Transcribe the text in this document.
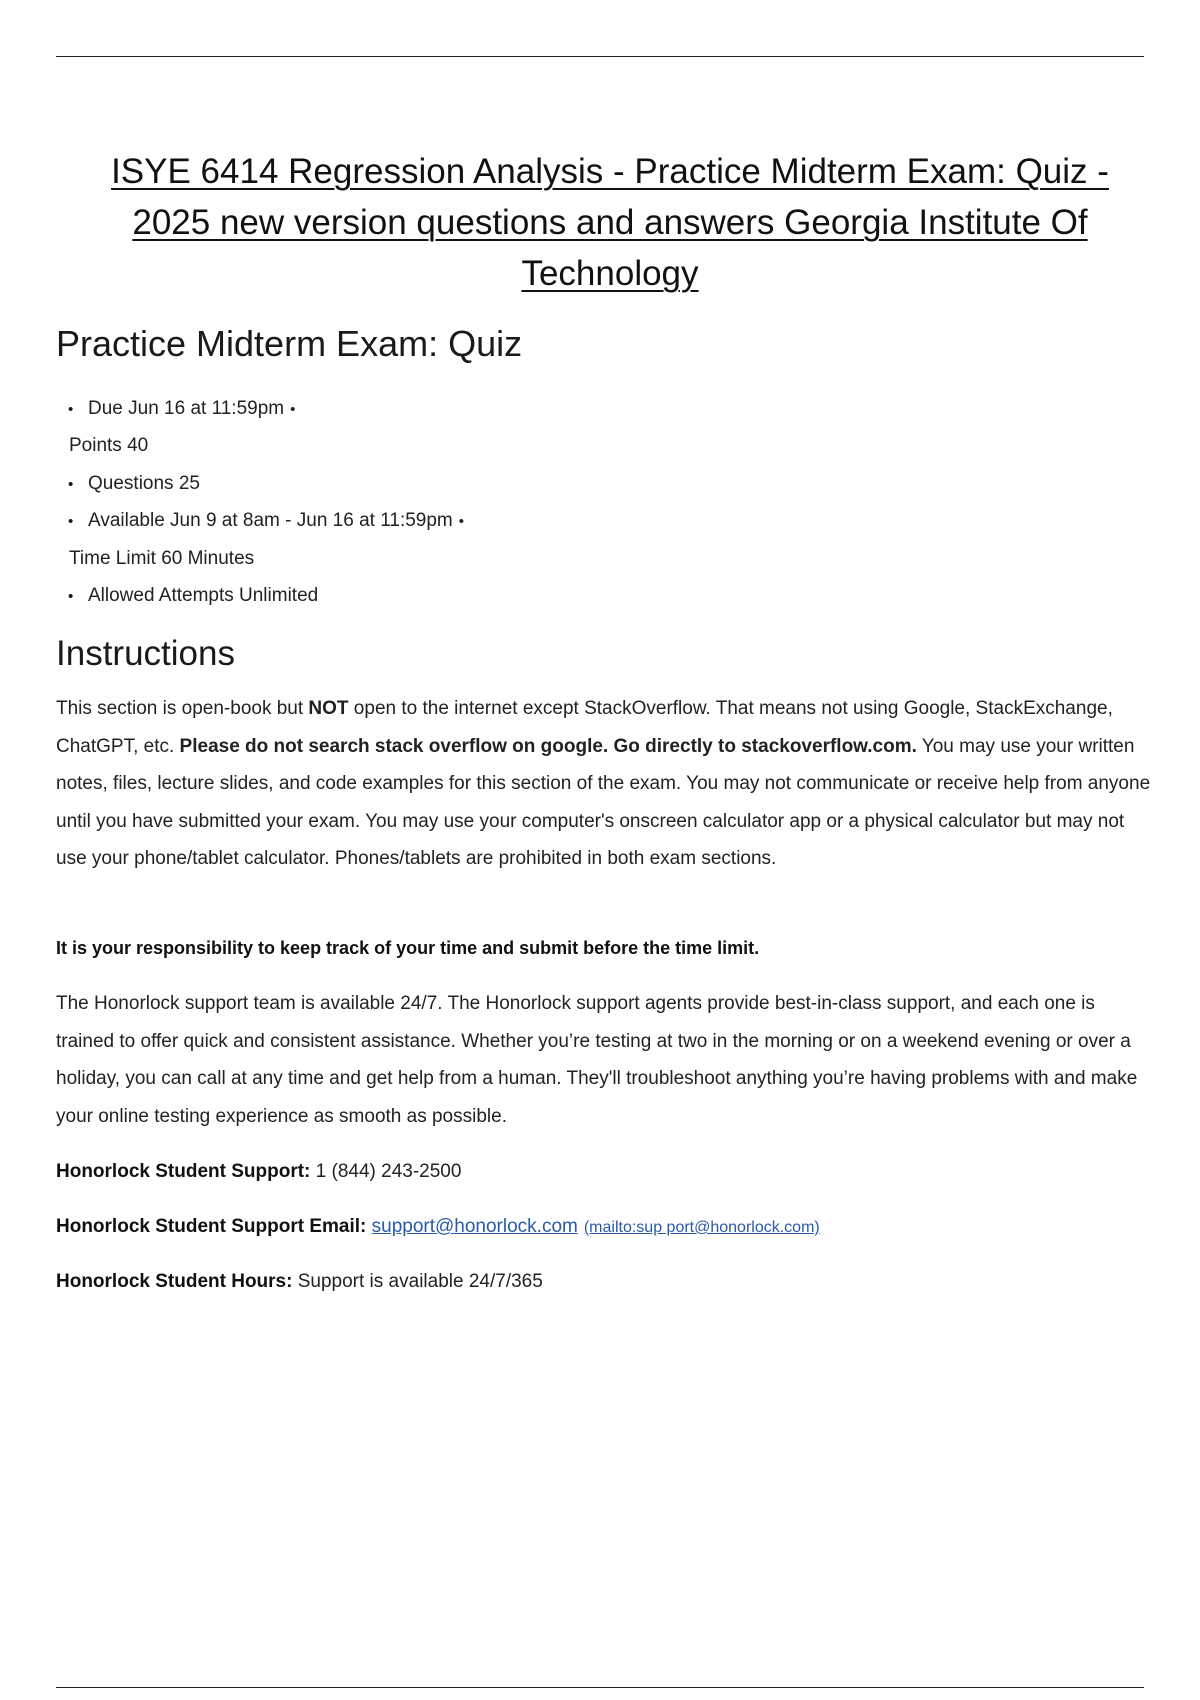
ISYE 6414 Regression Analysis - Practice Midterm Exam: Quiz -
2025 new version questions and answers Georgia Institute Of
Technology
Practice Midterm Exam: Quiz
• Due Jun 16 at 11:59pm •
Points 40
• Questions 25
• Available Jun 9 at 8am - Jun 16 at 11:59pm •
Time Limit 60 Minutes
• Allowed Attempts Unlimited
Instructions

This section is open-book but NOT open to the internet except StackOverflow. That means not using Google, StackExchange, ChatGPT, etc. Please do not search stack overflow on google. Go directly to stackoverflow.com. You may use your written notes, files, lecture slides, and code examples for this section of the exam. You may not communicate or receive help from anyone until you have submitted your exam. You may use your computer's onscreen calculator app or a physical calculator but may not use your phone/tablet calculator. Phones/tablets are prohibited in both exam sections.

It is your responsibility to keep track of your time and submit before the time limit.

The Honorlock support team is available 24/7. The Honorlock support agents provide best-in-class support, and each one is trained to offer quick and consistent assistance. Whether you’re testing at two in the morning or on a weekend evening or over a holiday, you can call at any time and get help from a human. They'll troubleshoot anything you’re having problems with and make your online testing experience as smooth as possible.

Honorlock Student Support: 1 (844) 243-2500

Honorlock Student Support Email: support@honorlock.com (mailto:sup port@honorlock.com)

Honorlock Student Hours: Support is available 24/7/365
